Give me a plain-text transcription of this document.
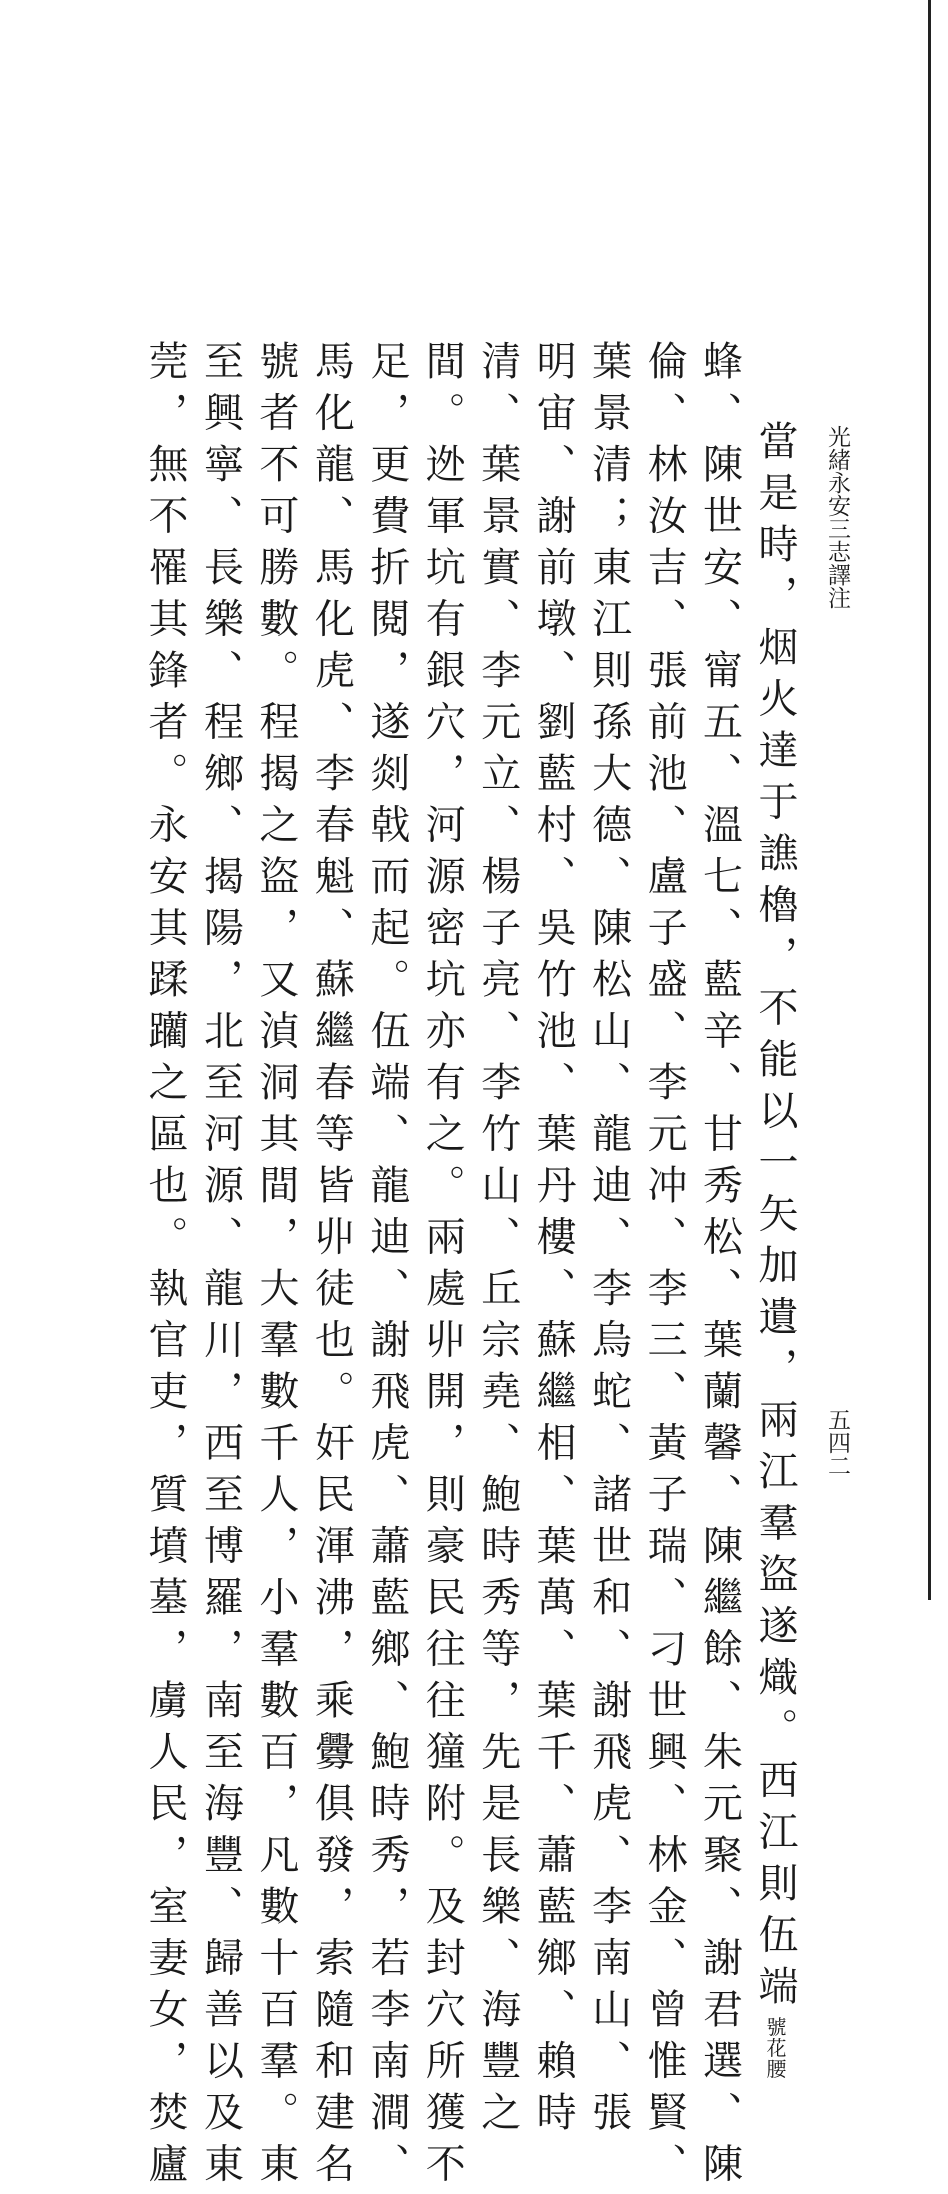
光緒永安三志譯注
五四二
當是時，烟火達于譙櫓，不能以一矢加遺，兩江羣盜遂熾。西江則伍端號花腰
蜂、陳世安、甯五、溫七、藍辛、甘秀松、葉蘭馨、陳繼餘、朱元聚、謝君選、陳
倫、林汝吉、張前池、盧子盛、李元冲、李三、黃子瑞、刁世興、林金、曾惟賢、
葉景清；東江則孫大德、陳松山、龍迪、李烏蛇、諸世和、謝飛虎、李南山、張
明宙、謝前墩、劉藍村、吳竹池、葉丹樓、蘇繼相、葉萬、葉千、蕭藍鄉、賴時
清、葉景實、李元立、楊子亮、李竹山、丘宗堯、鮑時秀等，先是長樂、海豐之
間。迯軍坑有銀穴，河源密坑亦有之。兩處丱開，則豪民往往獞附。及封穴所獲不
足，更費折閱，遂剡戟而起。伍端、龍迪、謝飛虎、蕭藍鄉、鮑時秀，若李南澗、
馬化龍、馬化虎、李春魁、蘇繼春等皆丱徒也。奸民渾沸，乘釁俱發，索隨和建名
號者不可勝數。程揭之盜，又湞洞其間，大羣數千人，小羣數百，凡數十百羣。東
至興寧、長樂、程鄉、揭陽，北至河源、龍川，西至博羅，南至海豐、歸善以及東
莞，無不罹其鋒者。永安其蹂躪之區也。執官吏，質墳墓，虜人民，室妻女，焚廬
